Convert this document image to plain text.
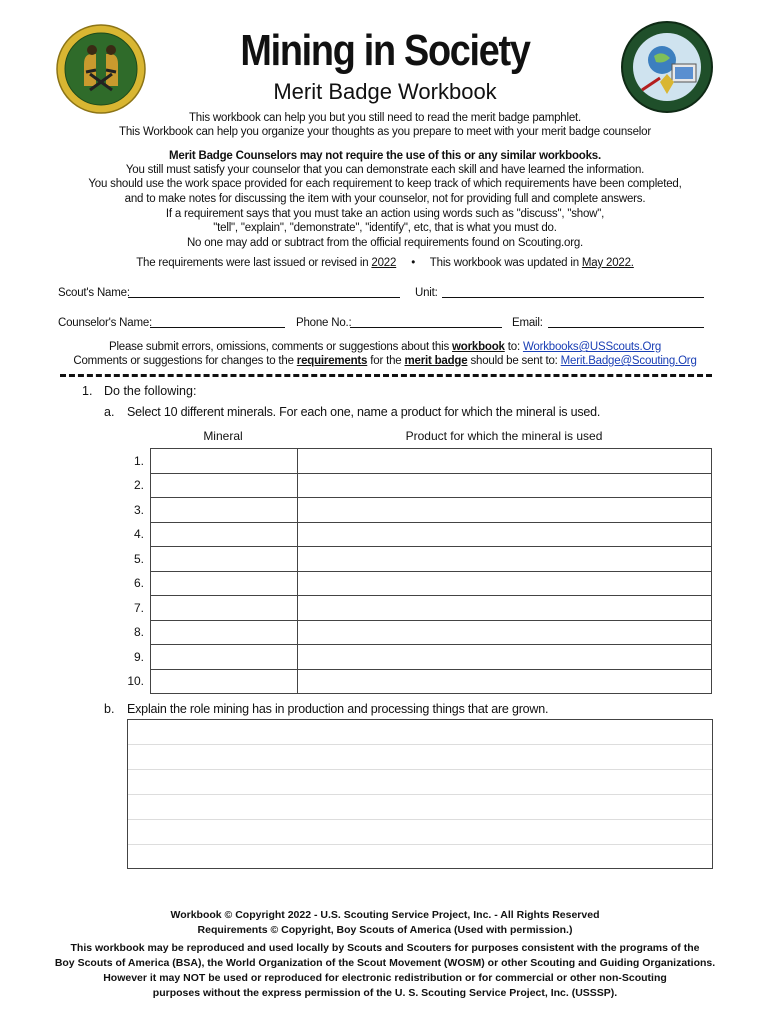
Mining in Society
Merit Badge Workbook
This workbook can help you but you still need to read the merit badge pamphlet.
This Workbook can help you organize your thoughts as you prepare to meet with your merit badge counselor
Merit Badge Counselors may not require the use of this or any similar workbooks.
You still must satisfy your counselor that you can demonstrate each skill and have learned the information.
You should use the work space provided for each requirement to keep track of which requirements have been completed,
and to make notes for discussing the item with your counselor, not for providing full and complete answers.
If a requirement says that you must take an action using words such as "discuss", "show",
"tell", "explain", "demonstrate", "identify", etc, that is what you must do.
No one may add or subtract from the official requirements found on Scouting.org.
The requirements were last issued or revised in 2022 • This workbook was updated in May 2022.
Scout's Name:	Unit:
Counselor's Name:	Phone No.:	Email:
Please submit errors, omissions, comments or suggestions about this workbook to: Workbooks@USScouts.Org
Comments or suggestions for changes to the requirements for the merit badge should be sent to: Merit.Badge@Scouting.Org
1. Do the following:
a. Select 10 different minerals. For each one, name a product for which the mineral is used.
Mineral	Product for which the mineral is used
1.		
2.		
3.		
4.		
5.		
6.		
7.		
8.		
9.		
10.		
b. Explain the role mining has in production and processing things that are grown.
Workbook © Copyright 2022 - U.S. Scouting Service Project, Inc. - All Rights Reserved
Requirements © Copyright, Boy Scouts of America (Used with permission.)
This workbook may be reproduced and used locally by Scouts and Scouters for purposes consistent with the programs of the
Boy Scouts of America (BSA), the World Organization of the Scout Movement (WOSM) or other Scouting and Guiding Organizations.
However it may NOT be used or reproduced for electronic redistribution or for commercial or other non-Scouting
purposes without the express permission of the U. S. Scouting Service Project, Inc. (USSSP).
